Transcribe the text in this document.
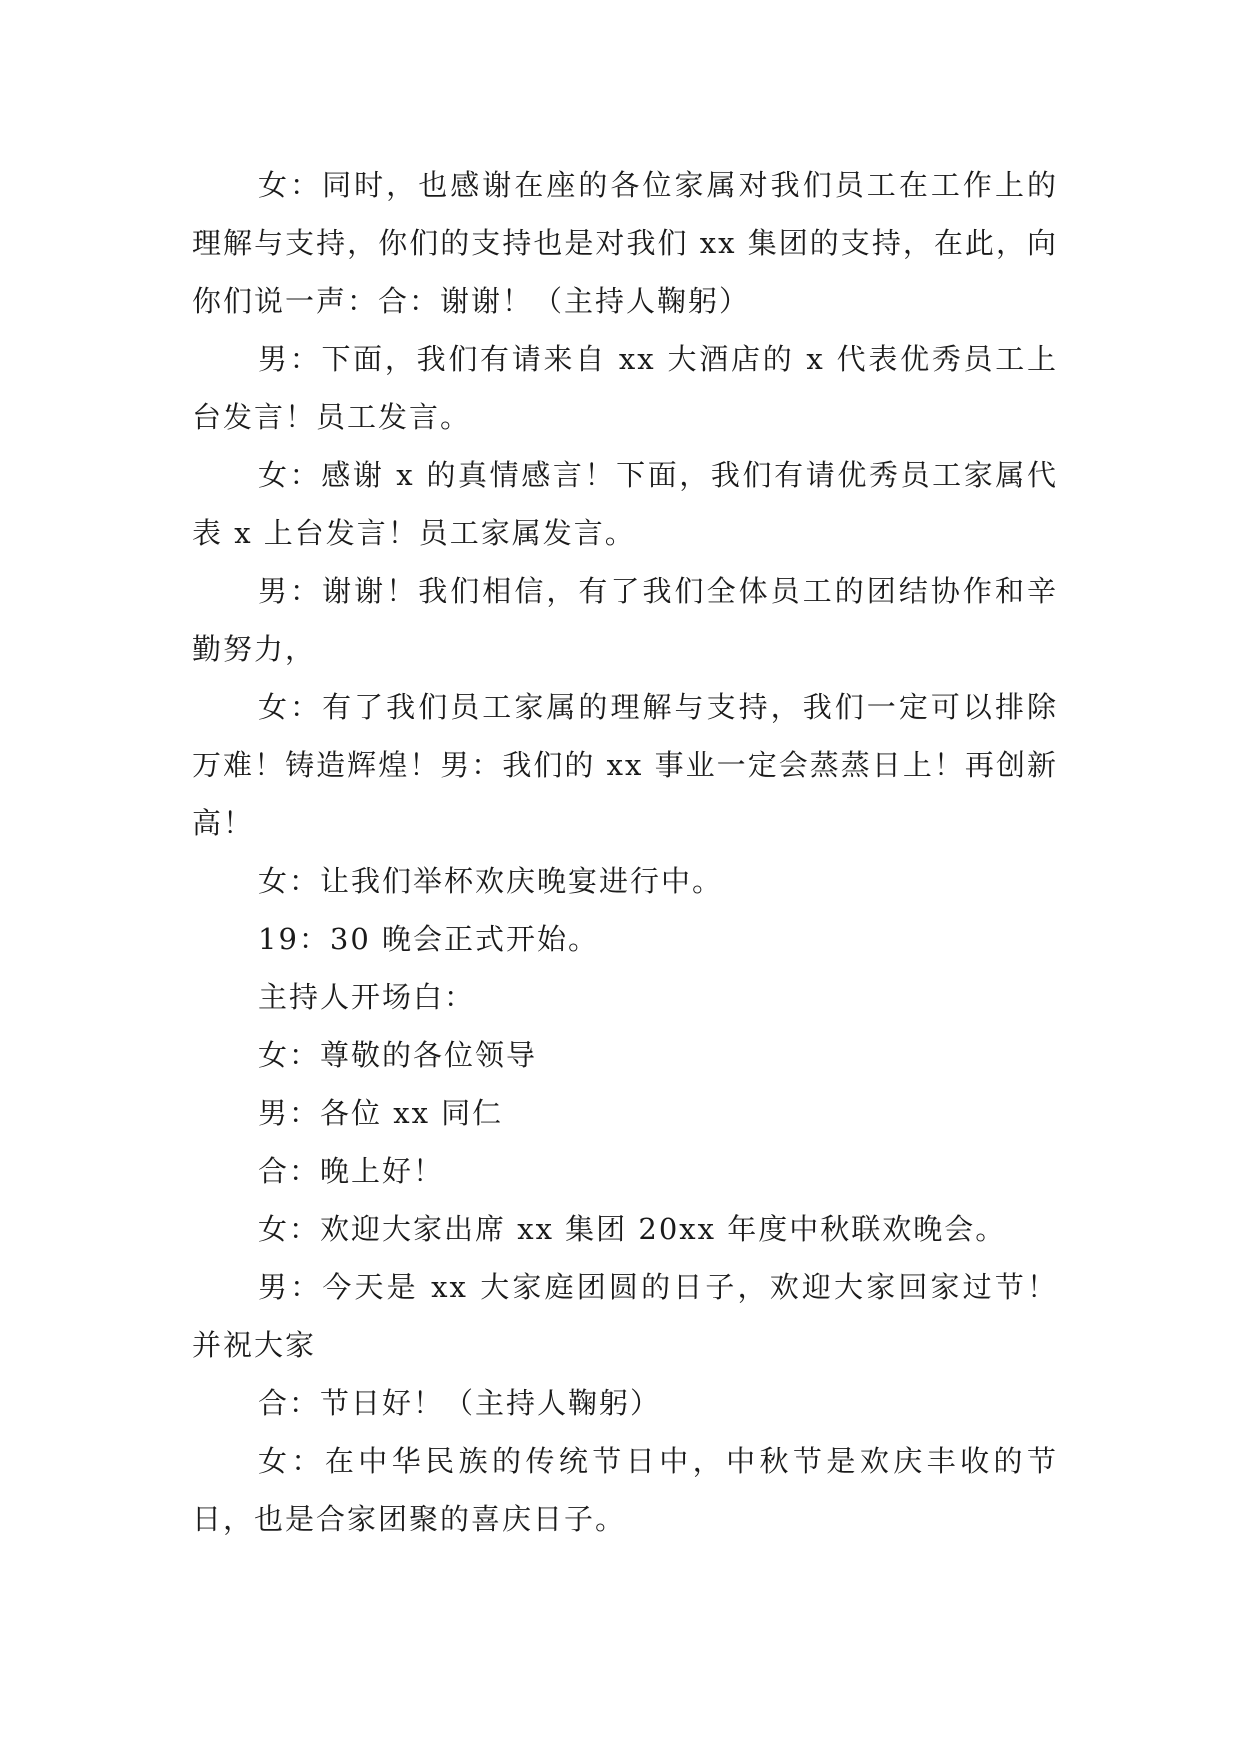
女：同时，也感谢在座的各位家属对我们员工在工作上的理解与支持，你们的支持也是对我们 xx 集团的支持，在此，向你们说一声：合：谢谢！（主持人鞠躬）

男：下面，我们有请来自 xx 大酒店的 x 代表优秀员工上台发言！员工发言。

女：感谢 x 的真情感言！下面，我们有请优秀员工家属代表 x 上台发言！员工家属发言。

男：谢谢！我们相信，有了我们全体员工的团结协作和辛勤努力，

女：有了我们员工家属的理解与支持，我们一定可以排除万难！铸造辉煌！男：我们的 xx 事业一定会蒸蒸日上！再创新高！

女：让我们举杯欢庆晚宴进行中。

19：30 晚会正式开始。

主持人开场白：

女：尊敬的各位领导

男：各位 xx 同仁

合：晚上好！

女：欢迎大家出席 xx 集团 20xx 年度中秋联欢晚会。

男：今天是 xx 大家庭团圆的日子，欢迎大家回家过节！并祝大家

合：节日好！（主持人鞠躬）

女：在中华民族的传统节日中，中秋节是欢庆丰收的节日，也是合家团聚的喜庆日子。
